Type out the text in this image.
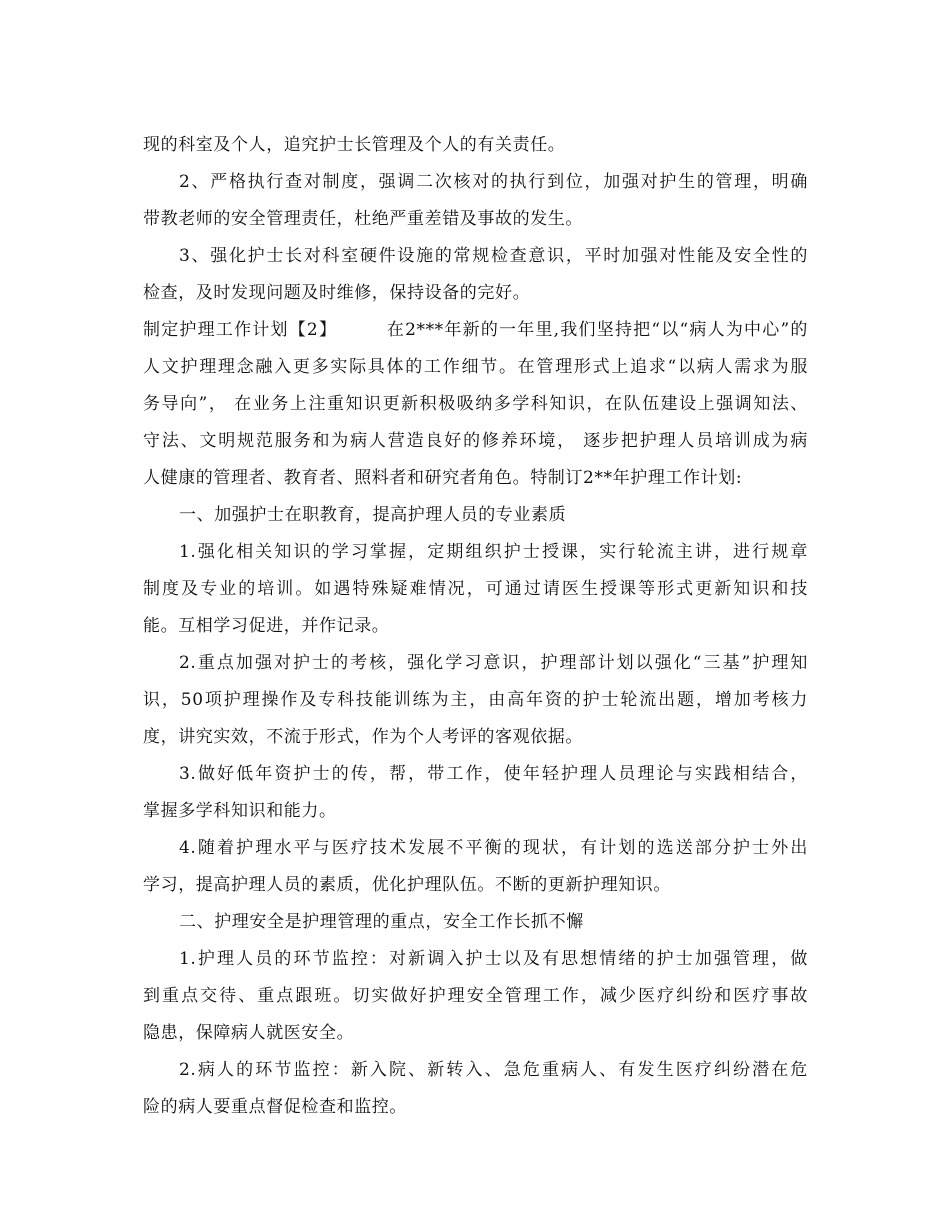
现的科室及个人，追究护士长管理及个人的有关责任。
2、严格执行查对制度，强调二次核对的执行到位，加强对护生的管理，明确
带教老师的安全管理责任，杜绝严重差错及事故的发生。
3、强化护士长对科室硬件设施的常规检查意识，平时加强对性能及安全性的
检查，及时发现问题及时维修，保持设备的完好。
制定护理工作计划【2】 　　 在2***年新的一年里,我们坚持把“以“病人为中心”的
人文护理理念融入更多实际具体的工作细节。在管理形式上追求“以病人需求为服
务导向”， 在业务上注重知识更新积极吸纳多学科知识，在队伍建设上强调知法、
守法、文明规范服务和为病人营造良好的修养环境， 逐步把护理人员培训成为病
人健康的管理者、教育者、照料者和研究者角色。特制订2**年护理工作计划:
一、加强护士在职教育，提高护理人员的专业素质
1.强化相关知识的学习掌握，定期组织护士授课，实行轮流主讲，进行规章
制度及专业的培训。如遇特殊疑难情况，可通过请医生授课等形式更新知识和技
能。互相学习促进，并作记录。
2.重点加强对护士的考核，强化学习意识，护理部计划以强化“三基”护理知
识，50项护理操作及专科技能训练为主，由高年资的护士轮流出题，增加考核力
度，讲究实效，不流于形式，作为个人考评的客观依据。
3.做好低年资护士的传，帮，带工作，使年轻护理人员理论与实践相结合，
掌握多学科知识和能力。
4.随着护理水平与医疗技术发展不平衡的现状，有计划的选送部分护士外出
学习，提高护理人员的素质，优化护理队伍。不断的更新护理知识。
二、护理安全是护理管理的重点，安全工作长抓不懈
1.护理人员的环节监控：对新调入护士以及有思想情绪的护士加强管理，做
到重点交待、重点跟班。切实做好护理安全管理工作，减少医疗纠纷和医疗事故
隐患，保障病人就医安全。
2.病人的环节监控：新入院、新转入、急危重病人、有发生医疗纠纷潜在危
险的病人要重点督促检查和监控。
